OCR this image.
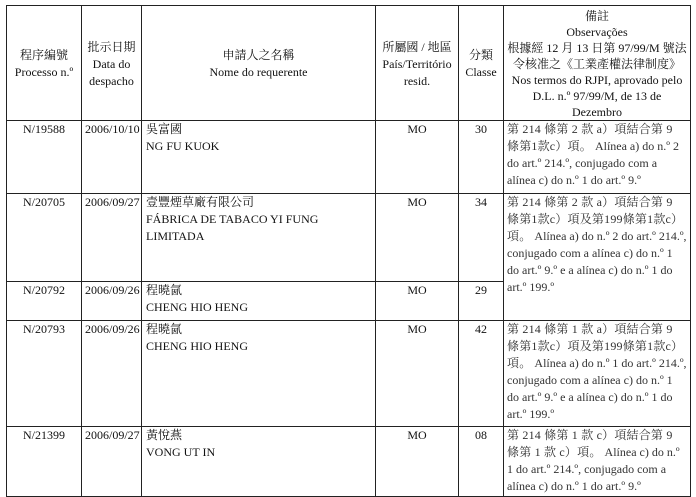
程序編號
Processo n.º	批示日期
Data do despacho	申請人之名稱
Nome do requerente	所屬國 / 地區
País/Território resid.	分類
Classe	備註
Observações
根據經 12 月 13 日第 97/99/M 號法令核准之《工業產權法律制度》
Nos termos do RJPI, aprovado pelo D.L. n.º 97/99/M, de 13 de Dezembro

N/19588	2006/10/10	吳富國
NG FU KUOK	MO	30	第 214 條第 2 款 a）項結合第 9 條第1款c）項。 Alínea a) do n.º 2 do art.º 214.º, conjugado com a alínea c) do n.º 1 do art.º 9.º
N/20705	2006/09/27	壹豐煙草廠有限公司
FÁBRICA DE TABACO YI FUNG LIMITADA	MO	34	第 214 條第 2 款 a）項結合第 9 條第1款c）項及第199條第1款c）項。 Alínea a) do n.º 2 do art.º 214.º, conjugado com a alínea c) do n.º 1 do art.º 9.º e a alínea c) do n.º 1 do art.º 199.º
N/20792	2006/09/26	程曉氤
CHENG HIO HENG	MO	29	
N/20793	2006/09/26	程曉氤
CHENG HIO HENG	MO	42	第 214 條第 1 款 a）項結合第 9 條第1款c）項及第199條第1款c）項。 Alínea a) do n.º 1 do art.º 214.º, conjugado com a alínea c) do n.º 1 do art.º 9.º e a alínea c) do n.º 1 do art.º 199.º
N/21399	2006/09/27	黃悅燕
VONG UT IN	MO	08	第 214 條第 1 款 c）項結合第 9 條第 1 款 c）項。 Alínea c) do n.º 1 do art.º 214.º, conjugado com a alínea c) do n.º 1 do art.º 9.º
